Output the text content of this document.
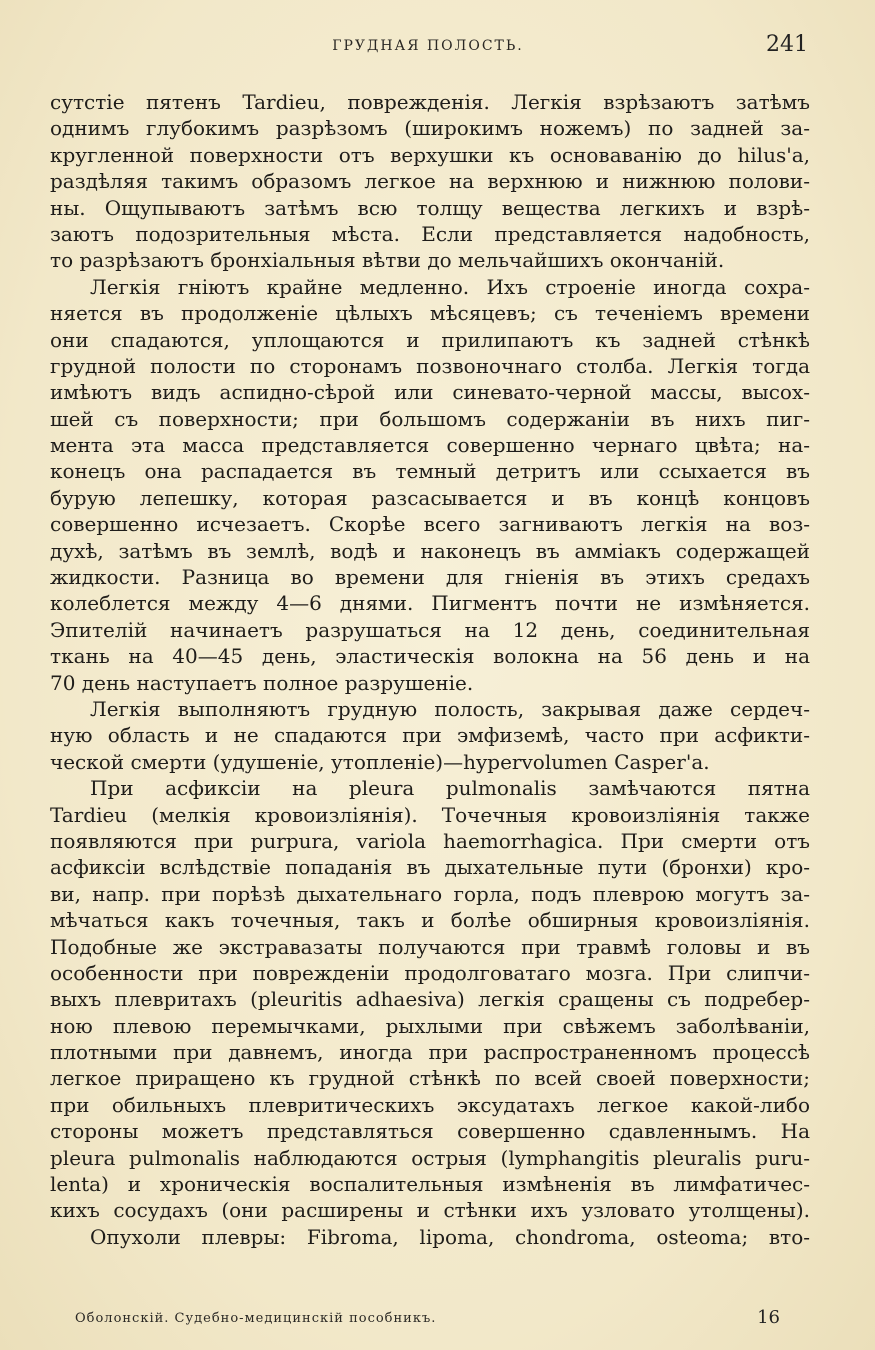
ГРУДНАЯ ПОЛОСТЬ.	241
сутстіе пятенъ Tardieu, поврежденія. Легкія взрѣзаютъ затѣмъ
однимъ глубокимъ разрѣзомъ (широкимъ ножемъ) по задней за-
кругленной поверхности отъ верхушки къ основаванію до hilus'а,
раздѣляя такимъ образомъ легкое на верхнюю и нижнюю полови-
ны. Ощупываютъ затѣмъ всю толщу вещества легкихъ и взрѣ-
заютъ подозрительныя мѣста. Если представляется надобность,
то разрѣзаютъ бронхіальныя вѣтви до мельчайшихъ окончаній.
Легкія гніютъ крайне медленно. Ихъ строеніе иногда сохра-
няется въ продолженіе цѣлыхъ мѣсяцевъ; съ теченіемъ времени
они спадаются, уплощаются и прилипаютъ къ задней стѣнкѣ
грудной полости по сторонамъ позвоночнаго столба. Легкія тогда
имѣютъ видъ аспидно-сѣрой или синевато-черной массы, высох-
шей съ поверхности; при большомъ содержаніи въ нихъ пиг-
мента эта масса представляется совершенно чернаго цвѣта; на-
конецъ она распадается въ темный детритъ или ссыхается въ
бурую лепешку, которая разсасывается и въ концѣ концовъ
совершенно исчезаетъ. Скорѣе всего загниваютъ легкія на воз-
духѣ, затѣмъ въ землѣ, водѣ и наконецъ въ аммiакъ содержащей
жидкости. Разница во времени для гніенія въ этихъ средахъ
колеблется между 4—6 днями. Пигментъ почти не измѣняется.
Эпителій начинаетъ разрушаться на 12 день, соединительная
ткань на 40—45 день, эластическія волокна на 56 день и на
70 день наступаетъ полное разрушеніе.
Легкія выполняютъ грудную полость, закрывая даже сердеч-
ную область и не спадаются при эмфиземѣ, часто при асфикти-
ческой смерти (удушеніе, утопленіе)—hypervolumen Casper'a.
При асфиксіи на pleura pulmonalis замѣчаются пятна
Tardieu (мелкія кровоизліянія). Точечныя кровоизліянія также
появляются при purpura, variola haemorrhagica. При смерти отъ
асфиксіи вслѣдствіе попаданія въ дыхательные пути (бронхи) кро-
ви, напр. при порѣзѣ дыхательнаго горла, подъ плеврою могутъ за-
мѣчаться какъ точечныя, такъ и болѣе обширныя кровоизліянія.
Подобные же экстравазаты получаются при травмѣ головы и въ
особенности при поврежденіи продолговатаго мозга. При слипчи-
выхъ плевритахъ (pleuritis adhaesiva) легкія сращены съ подребер-
ною плевою перемычками, рыхлыми при свѣжемъ заболѣваніи,
плотными при давнемъ, иногда при распространенномъ процессѣ
легкое приращено къ грудной стѣнкѣ по всей своей поверхности;
при обильныхъ плевритическихъ эксудатахъ легкое какой-либо
стороны можетъ представляться совершенно сдавленнымъ. На
pleura pulmonalis наблюдаются острыя (lymphangitis pleuralis puru-
lenta) и хроническія воспалительныя измѣненія въ лимфатичес-
кихъ сосудахъ (они расширены и стѣнки ихъ узловато утолщены).
Опухоли плевры: Fibroma, lipoma, chondroma, osteoma; вто-
Оболонскій. Судебно-медицинскій пособникъ.	16
